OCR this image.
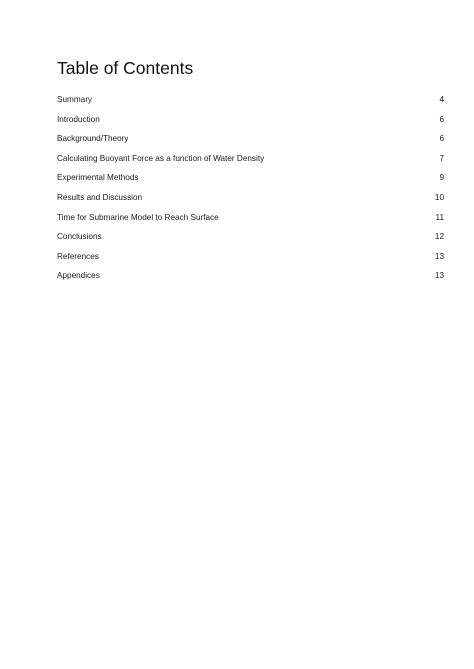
Table of Contents
Summary	4
Introduction	6
Background/Theory	6
Calculating Buoyant Force as a function of Water Density	7
Experimental Methods	9
Results and Discussion	10
Time for Submarine Model to Reach Surface	11
Conclusions	12
References	13
Appendices	13
